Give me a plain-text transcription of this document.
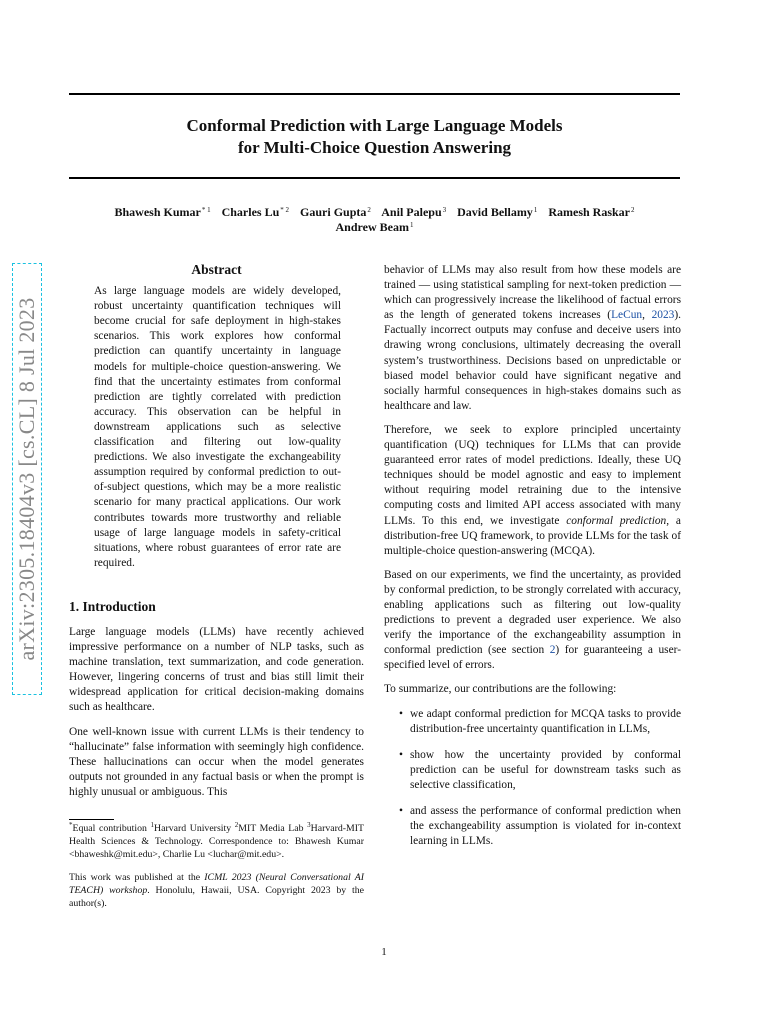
Conformal Prediction with Large Language Models
for Multi-Choice Question Answering
Bhawesh Kumar $^{* 1}$ Charles Lu $^{* 2}$ Gauri Gupta $^2$ Anil Palepu $^3$ David Bellamy $^1$ Ramesh Raskar $^2$
Andrew Beam $^1$
arXiv:2305.18404v3 [cs.CL] 8 Jul 2023
Abstract
As large language models are widely developed, robust uncertainty quantification techniques will become crucial for safe deployment in high-stakes scenarios. This work explores how conformal prediction can quantify uncertainty in language models for multiple-choice question-answering. We find that the uncertainty estimates from conformal prediction are tightly correlated with prediction accuracy. This observation can be helpful in downstream applications such as selective classification and filtering out low-quality predictions. We also investigate the exchangeability assumption required by conformal prediction to out-of-subject questions, which may be a more realistic scenario for many practical applications. Our work contributes towards more trustworthy and reliable usage of large language models in safety-critical situations, where robust guarantees of error rate are required.
1. Introduction

Large language models (LLMs) have recently achieved impressive performance on a number of NLP tasks, such as machine translation, text summarization, and code generation. However, lingering concerns of trust and bias still limit their widespread application for critical decision-making domains such as healthcare.

One well-known issue with current LLMs is their tendency to “hallucinate” false information with seemingly high confidence. These hallucinations can occur when the model generates outputs not grounded in any factual basis or when the prompt is highly unusual or ambiguous. This

*Equal contribution $^1$Harvard University $^2$MIT Media Lab $^3$Harvard-MIT Health Sciences & Technology. Correspondence to: Bhawesh Kumar <bhaweshk@mit.edu>, Charlie Lu <luchar@mit.edu>.

This work was published at the ICML 2023 (Neural Conversational AI TEACH) workshop. Honolulu, Hawaii, USA. Copyright 2023 by the author(s).

behavior of LLMs may also result from how these models are trained — using statistical sampling for next-token prediction — which can progressively increase the likelihood of factual errors as the length of generated tokens increases (LeCun, 2023). Factually incorrect outputs may confuse and deceive users into drawing wrong conclusions, ultimately decreasing the overall system’s trustworthiness. Decisions based on unpredictable or biased model behavior could have significant negative and socially harmful consequences in high-stakes domains such as healthcare and law.

Therefore, we seek to explore principled uncertainty quantification (UQ) techniques for LLMs that can provide guaranteed error rates of model predictions. Ideally, these UQ techniques should be model agnostic and easy to implement without requiring model retraining due to the intensive computing costs and limited API access associated with many LLMs. To this end, we investigate conformal prediction, a distribution-free UQ framework, to provide LLMs for the task of multiple-choice question-answering (MCQA).

Based on our experiments, we find the uncertainty, as provided by conformal prediction, to be strongly correlated with accuracy, enabling applications such as filtering out low-quality predictions to prevent a degraded user experience. We also verify the importance of the exchangeability assumption in conformal prediction (see section 2) for guaranteeing a user-specified level of errors.

To summarize, our contributions are the following:

• we adapt conformal prediction for MCQA tasks to provide distribution-free uncertainty quantification in LLMs,
• show how the uncertainty provided by conformal prediction can be useful for downstream tasks such as selective classification,
• and assess the performance of conformal prediction when the exchangeability assumption is violated for in-context learning in LLMs.
1
